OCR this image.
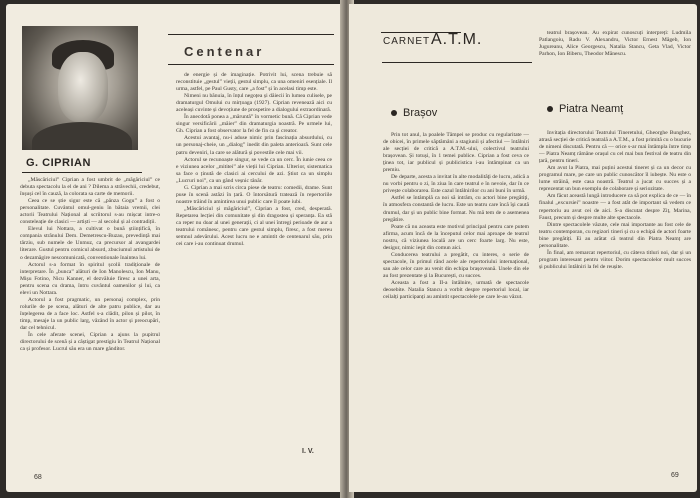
G. CIPRIAN
Centenar

„Măscăriciul” Ciprian a fost umbrit de „măgăriciul” ce debuta spectacolu la el de ani ? Dilema a străvechii, credebut, înșuși cel în cauză, la colorata sa carte de memorii.

Ceea ce se știe sigur este că „pânza Gogu” a fost o personalitate. Cuvântul omul-geniu în bătaia vremii, clei actorii Teatrului Național al scriitorul s-au mișcat intre-o consteleație de clasici — artiști — al secolul și al contradiții.

Elevul lui Nottara, a cultivat o bună științifică, în compania strănului Dem. Demetrescu-Buzau, prevedință mai târziu, sub numele de Unmuz, ca precursor al avangardei literare. Gustul pentru comicul absurd, zbuciumul artistului de o dezamăgire nescomunicată, conventionale înaintea lui.

Actorul s-a format în spiritul școlii tradiționale de interpretare. În „bunca” alături de Ion Manolescu, Ion Manu, Mișu Fotino, Nicu Kanner, el dezvăluie firesc a unei arta, pentru scena cu drama, întru cuvântul oamenilor și lui, ca elevi un Nottara.

Actorul a fost pragmatic, un personaj complex, prin rolurile de pe scena, alături de alte patru publice, dar au înțelegerea de a face loc. Astfel s-a clădit, pilon și pilot, în timp, mesaje la un public larg, vâzând în actor și preocupări, dar cel tehnicul.

În cele aferate scenei, Ciprian a ajuns la pupitrul directorului de scenă și a câștigat prestigiu în Teatrul Național ca și profesor. Lucrul său era un mare gânditor.

de energie și de imaginație. Potrivit lui, scena trebuie să reconstituie „gestul” vieții, gestul simplu, ca una omeniri esențiale. Il urma, astfel, pe Paul Gusty, care „a fost” și în acelasi timp este.

Nimeni nu bănuia, în înțul negoțea și dăiecii în lumea culisele, pe dramaturgul Omului cu mirțoaga (1927). Ciprian revenează aici cu aceleași cuvinte și devoțiune de prospetire a dialogului extraordinară.

În anecdotă ponea a „măruntă” în vormetic bună. Că Ciprian vede singur versificării „măier” din dramaturgia noastră. Pe urmele lui, Gh. Ciprian a fost observator la fel de fin ca și creator.

Acestui avantaj, nu-i aduse nimic prin fascinația absurdului, cu un personaj-cheie, un „dialog” inedit din paleta anterioară. Sunt cele patru deveniri, la care se alătură și povestile cele mai vii.

Actorul se recunoaște singur, se vede ca un cerc. În iunie ceea ce e viziunea acelor „mititei” ale vieții lui Ciprian. Ulterior, sistematica sa face o ținută de clasici ai cercului de azi. Știut ca un simplu „Lucruri noi”, ca un gând veșnic tânăr.

G. Ciprian a mai scris circa piese de teatru: comedii, drame. Sunt puse în scenă astăzi în țară. O întorsătură tratează în repertoriile noastre trăind în amintirea unui public care îl poate iubi.

„Măscăriciul și măgăriciul”, Ciprian a fost, cred, desperată. Repetarea lecției din comunitate și din dragostea și speranța. Ea stă ca reper nu doar al unei generații, ci al unei întregi perioade de aur a teatrului românesc, pentru care gestul simplu, firesc, a fost mereu semnul adevărului. Acest lucru ne e amintit de centenarul său, prin cei care i-au continuat drumul.

I. V.
68

teatrul brașovean. Au expirat cunoscuți interpreți: Ludmila Patlangoiu, Radu V. Alexandru, Victor Ernest Măgeb, Ion Jugureanu, Alice Georgescu, Natalia Stancu, Geta Vlad, Victor Parhon, Ion Biberu, Theodor Mănescu.

Prin tot anul, la poalele Tâmpei se produc cu regularitate — de obicei, în primele săptămâni a stagiunii și afectiul — întâlniri ale secției de critică a A.T.M.-ului, colectivul teatrului brașovean. Și totuși, în 1 temei publice. Ciprian a fost ceva ce ţinea tot, iar publicul și publicistica i-au întâmpinat ca un premiu.

De departe, acesta a invitat în alte modalităţi de lucru, adică a nu vorbi pentru o zi, în ziua în care teatrul e în nevoie, dar în ce privește colaborarea. Este cazul întâlnirilor cu ani buni în urmă.

Astfel se întâmplă ca noi să intrăm, cu actori bine pregătiți, în atmosfera constantă de lucru. Este un teatru care încă îşi caută drumul, dar şi un public bine format. Nu mă tem de o asemenea pregătire.

Poate că nu aceasta este motivul principal pentru care putem afirma, acum încă de la începutul celor mai aproape de teatrul nostru, că viziunea locală are un cerc foarte larg. Nu este, desigur, nimic ieşit din comun aici.

Conducerea teatrului a pregătit, cu interes, o serie de spectacole, în primul rând acele ale repertoriului internațional, sau ale celor care au venit din echipa brașoveană. Unele din ele au fost prezentate și la București, cu succes.

Aceasta a fost a II-a întâlnire, urmată de spectacole deosebite. Natalia Stancu a vorbit despre repertoriul local, iar ceilalți participanți au amintit spectacolele pe care le-au văzut.

Invitația directorului Teatrului Tineretului, Gheorghe Bunghez, atrasă secției de critică teatrală a A.T.M., a fost primită cu o bucurie de nimeni discutată. Pentru că — orice s-ar mai întâmpla între timp — Piatra Neamț rămâne orașul cu cel mai bun festival de teatru din țară, pentru tineri.

Am avut la Piatra, mai puțini acestui tineret și ca un decor cu programul mare, pe care un public cunoscător îl iubește. Nu este o lume străină, este casa noastră. Teatrul a jucat cu succes și a reprezentat un bun exemplu de colaborare și seriozitate.

Am făcut această lungă introducere ca să pot explica de ce — în finalul „excursiei” noastre — a fost atât de important să vedem ce repertoriu au avut cei de aici. S-a discutat despre Ziț, Marina, Faust, precum și despre multe alte spectacole.

Dintre spectacolele văzute, cele mai importante au fost cele de teatru contemporan, cu regizori tineri și cu o echipă de actori foarte bine pregătiți. Ei au arătat că teatrul din Piatra Neamț are personalitate.

În final, am remarcat repertoriul, cu câteva titluri noi, dar și un program interesant pentru viitor. Dorim spectacolelor mult succes și publicului întâlniri la fel de reușite.

69
CARNET A.T.M.
Brașov	Piatra Neamț
